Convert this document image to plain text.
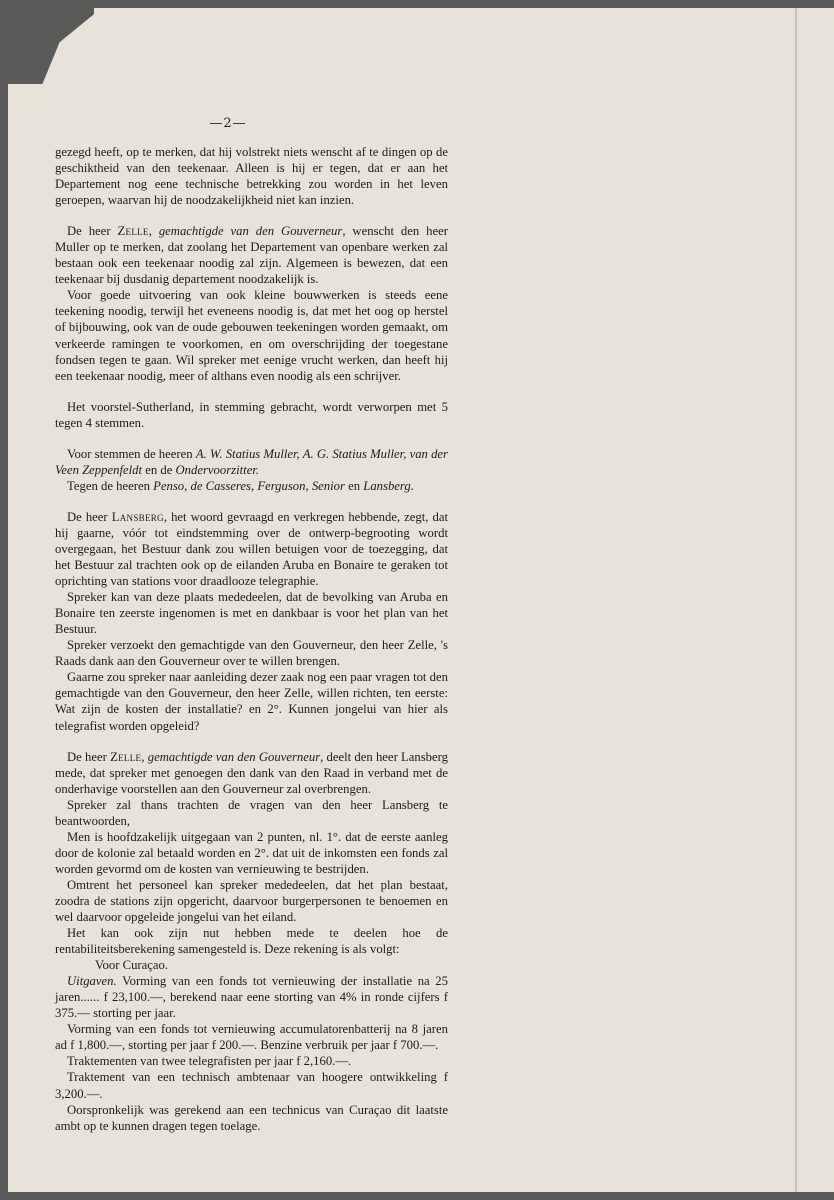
—2—

gezegd heeft, op te merken, dat hij volstrekt niets wenscht af te dingen op de geschiktheid van den teekenaar. Alleen is hij er tegen, dat er aan het Departement nog eene technische betrekking zou worden in het leven geroepen, waarvan hij de noodzakelijkheid niet kan inzien.

De heer Zelle, gemachtigde van den Gouverneur, wenscht den heer Muller op te merken, dat zoolang het Departement van openbare werken zal bestaan ook een teekenaar noodig zal zijn. Algemeen is bewezen, dat een teekenaar bij dusdanig departement noodzakelijk is.

Voor goede uitvoering van ook kleine bouwwerken is steeds eene teekening noodig, terwijl het eveneens noodig is, dat met het oog op herstel of bijbouwing, ook van de oude gebouwen teekeningen worden gemaakt, om verkeerde ramingen te voorkomen, en om overschrijding der toegestane fondsen tegen te gaan. Wil spreker met eenige vrucht werken, dan heeft hij een teekenaar noodig, meer of althans even noodig als een schrijver.

Het voorstel-Sutherland, in stemming gebracht, wordt verworpen met 5 tegen 4 stemmen.

Voor stemmen de heeren A. W. Statius Muller, A. G. Statius Muller, van der Veen Zeppenfeldt en de Ondervoorzitter.

Tegen de heeren Penso, de Casseres, Ferguson, Senior en Lansberg.

De heer Lansberg, het woord gevraagd en verkregen hebbende, zegt, dat hij gaarne, vóór tot eindstemming over de ontwerp-begrooting wordt overgegaan, het Bestuur dank zou willen betuigen voor de toezegging, dat het Bestuur zal trachten ook op de eilanden Aruba en Bonaire te geraken tot oprichting van stations voor draadlooze telegraphie.

Spreker kan van deze plaats mededeelen, dat de bevolking van Aruba en Bonaire ten zeerste ingenomen is met en dankbaar is voor het plan van het Bestuur.

Spreker verzoekt den gemachtigde van den Gouverneur, den heer Zelle, 's Raads dank aan den Gouverneur over te willen brengen.

Gaarne zou spreker naar aanleiding dezer zaak nog een paar vragen tot den gemachtigde van den Gouverneur, den heer Zelle, willen richten, ten eerste: Wat zijn de kosten der installatie? en 2°. Kunnen jongelui van hier als telegrafist worden opgeleid?

De heer Zelle, gemachtigde van den Gouverneur, deelt den heer Lansberg mede, dat spreker met genoegen den dank van den Raad in verband met de onderhavige voorstellen aan den Gouverneur zal overbrengen.

Spreker zal thans trachten de vragen van den heer Lansberg te beantwoorden,

Men is hoofdzakelijk uitgegaan van 2 punten, nl. 1°. dat de eerste aanleg door de kolonie zal betaald worden en 2°. dat uit de inkomsten een fonds zal worden gevormd om de kosten van vernieuwing te bestrijden.

Omtrent het personeel kan spreker mededeelen, dat het plan bestaat, zoodra de stations zijn opgericht, daarvoor burgerpersonen te benoemen en wel daarvoor opgeleide jongelui van het eiland.

Het kan ook zijn nut hebben mede te deelen hoe de rentabiliteitsberekening samengesteld is. Deze rekening is als volgt:

Voor Curaçao.

Uitgaven. Vorming van een fonds tot vernieuwing der installatie na 25 jaren...... f 23,100.—, berekend naar eene storting van 4% in ronde cijfers f 375.— storting per jaar.

Vorming van een fonds tot vernieuwing accumulatorenbatterij na 8 jaren ad f 1,800.—, storting per jaar f 200.—. Benzine verbruik per jaar f 700.—.

Traktementen van twee telegrafisten per jaar f 2,160.—.

Traktement van een technisch ambtenaar van hoogere ontwikkeling f 3,200.—.

Oorspronkelijk was gerekend aan een technicus van Curaçao dit laatste ambt op te kunnen dragen tegen toelage.
